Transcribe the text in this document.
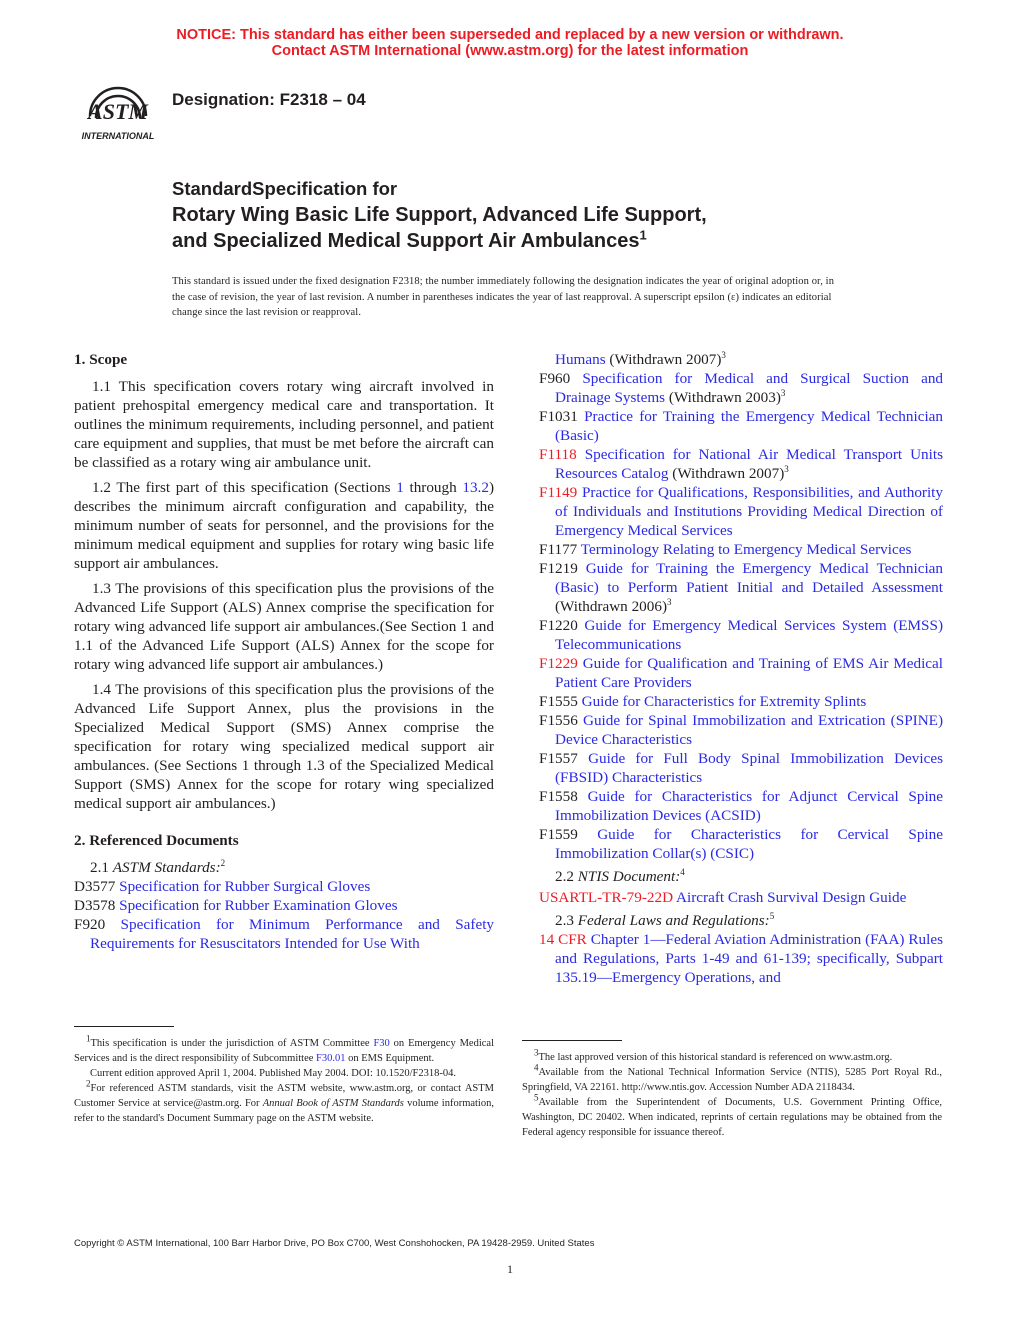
NOTICE: This standard has either been superseded and replaced by a new version or withdrawn.
Contact ASTM International (www.astm.org) for the latest information
ASTM
INTERNATIONAL
Designation: F2318 – 04
StandardSpecification for
Rotary Wing Basic Life Support, Advanced Life Support,
and Specialized Medical Support Air Ambulances$^1$
This standard is issued under the fixed designation F2318; the number immediately following the designation indicates the year of original adoption or, in the case of revision, the year of last revision. A number in parentheses indicates the year of last reapproval. A superscript epsilon (ε) indicates an editorial change since the last revision or reapproval.

1. Scope

1.1 This specification covers rotary wing aircraft involved in patient prehospital emergency medical care and transportation. It outlines the minimum requirements, including personnel, and patient care equipment and supplies, that must be met before the aircraft can be classified as a rotary wing air ambulance unit.

1.2 The first part of this specification (Sections 1 through 13.2) describes the minimum aircraft configuration and capability, the minimum number of seats for personnel, and the provisions for the minimum medical equipment and supplies for rotary wing basic life support air ambulances.

1.3 The provisions of this specification plus the provisions of the Advanced Life Support (ALS) Annex comprise the specification for rotary wing advanced life support air ambulances.(See Section 1 and 1.1 of the Advanced Life Support (ALS) Annex for the scope for rotary wing advanced life support air ambulances.)

1.4 The provisions of this specification plus the provisions of the Advanced Life Support Annex, plus the provisions in the Specialized Medical Support (SMS) Annex comprise the specification for rotary wing specialized medical support air ambulances. (See Sections 1 through 1.3 of the Specialized Medical Support (SMS) Annex for the scope for rotary wing specialized medical support air ambulances.)

2. Referenced Documents

2.1 ASTM Standards:$^2$

D3577 Specification for Rubber Surgical Gloves

D3578 Specification for Rubber Examination Gloves

F920 Specification for Minimum Performance and Safety Requirements for Resuscitators Intended for Use With

Humans (Withdrawn 2007)$^3$

F960 Specification for Medical and Surgical Suction and Drainage Systems (Withdrawn 2003)$^3$

F1031 Practice for Training the Emergency Medical Technician (Basic)

F1118 Specification for National Air Medical Transport Units Resources Catalog (Withdrawn 2007)$^3$

F1149 Practice for Qualifications, Responsibilities, and Authority of Individuals and Institutions Providing Medical Direction of Emergency Medical Services

F1177 Terminology Relating to Emergency Medical Services

F1219 Guide for Training the Emergency Medical Technician (Basic) to Perform Patient Initial and Detailed Assessment (Withdrawn 2006)$^3$

F1220 Guide for Emergency Medical Services System (EMSS) Telecommunications

F1229 Guide for Qualification and Training of EMS Air Medical Patient Care Providers

F1555 Guide for Characteristics for Extremity Splints

F1556 Guide for Spinal Immobilization and Extrication (SPINE) Device Characteristics

F1557 Guide for Full Body Spinal Immobilization Devices (FBSID) Characteristics

F1558 Guide for Characteristics for Adjunct Cervical Spine Immobilization Devices (ACSID)

F1559 Guide for Characteristics for Cervical Spine Immobilization Collar(s) (CSIC)

2.2 NTIS Document:$^4$

USARTL-TR-79-22D Aircraft Crash Survival Design Guide

2.3 Federal Laws and Regulations:$^5$

14 CFR Chapter 1—Federal Aviation Administration (FAA) Rules and Regulations, Parts 1-49 and 61-139; specifically, Subpart 135.19—Emergency Operations, and

$^1$This specification is under the jurisdiction of ASTM Committee F30 on Emergency Medical Services and is the direct responsibility of Subcommittee F30.01 on EMS Equipment.

Current edition approved April 1, 2004. Published May 2004. DOI: 10.1520/F2318-04.

$^2$For referenced ASTM standards, visit the ASTM website, www.astm.org, or contact ASTM Customer Service at service@astm.org. For Annual Book of ASTM Standards volume information, refer to the standard's Document Summary page on the ASTM website.

$^3$The last approved version of this historical standard is referenced on www.astm.org.

$^4$Available from the National Technical Information Service (NTIS), 5285 Port Royal Rd., Springfield, VA 22161. http://www.ntis.gov. Accession Number ADA 2118434.

$^5$Available from the Superintendent of Documents, U.S. Government Printing Office, Washington, DC 20402. When indicated, reprints of certain regulations may be obtained from the Federal agency responsible for issuance thereof.

Copyright © ASTM International, 100 Barr Harbor Drive, PO Box C700, West Conshohocken, PA 19428-2959. United States
1
